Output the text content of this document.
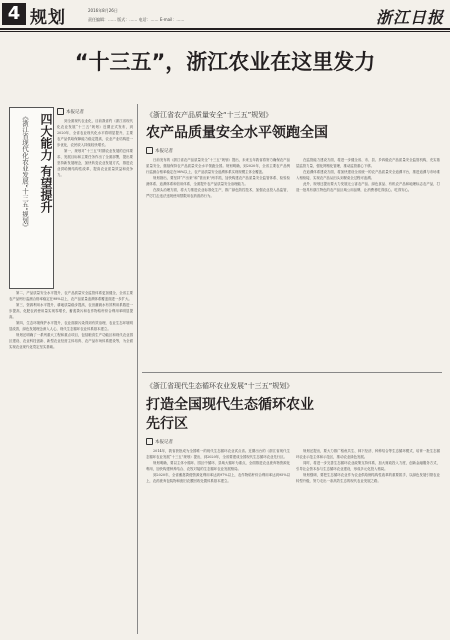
4 规划	2016年8月26日
责任编辑：…… 版式：…… 电话：…… E-mail：……	浙江日报
“十三五”，浙江农业在这里发力
《浙江省现代化农业发展“十三五”规划》 四大能力 有望提升
本报记者

到全面现代农业化，目前我省约《浙江省现代化农业发展“十三五”规划》近期正式发布，到2020年，全省农业现代化水平将明显提升，主要农产品供给保障能力稳定提高，农业产业结构进一步优化，农民收入持续较快增长。

第一，规划对“十三五”时期农业发展的总体要求、发展目标和主要任务作出了全面部署，提出要坚持新发展理念，加快转变农业发展方式，推进农业供给侧结构性改革，提高农业质量效益和竞争力。

第二，产品质量安全水平提升，农产品质量安全监管体系更加健全，全省主要农产品例行监测合格率稳定在98%以上，农产品质量追溯体系覆盖面进一步扩大。

第三，资源利用水平提升，耕地质量稳步提高，农田灌溉水有效利用系数进一步提高，化肥农药使用量实现零增长，畜禽粪污和农作物秸秆综合利用率明显提高。

第四，生态环境保护水平提升，农业面源污染得到有效治理，农业生态环境明显改善，绿色发展理念深入人心，现代生态循环农业体系基本建立。

规划还明确了一系列重大工程和重点项目，包括粮食生产功能区和现代农业园区建设、农业科技创新、新型农业经营主体培育、农产品市场体系建设等，为全面实现农业现代化奠定坚实基础。

《浙江省农产品质量安全“十三五”规划》
农产品质量安全水平领跑全国
本报记者

日前发布的《浙江省农产品质量安全“十三五”规划》提出，未来五年我省将努力确保农产品质量安全，继续保持农产品质量安全水平领跑全国。规划明确，到2020年，全省主要农产品例行监测合格率稳定在98%以上，农产品质量安全追溯体系实现规模主体全覆盖。

规划指出，要坚持“产出来”和“管出来”两手抓，加快构建农产品质量安全监管体系、检验检测体系、追溯体系和信用体系，全面提升农产品质量安全治理能力。

在源头治理方面，将大力推进农业标准化生产，推广绿色防控技术，加强农业投入品监管，严厉打击违法违规使用禁限用农药兽药行为。

在监管能力建设方面，将进一步健全省、市、县、乡四级农产品质量安全监管机构，充实基层监管力量，强化网格化管理，推动监管重心下移。

在追溯体系建设方面，将加快建设全省统一的农产品质量安全追溯平台，推进追溯与市场准入相衔接，实现农产品从田头到餐桌全过程可追溯。

此外，规划还提出要大力发展无公害农产品、绿色食品、有机农产品和地理标志农产品，打造一批具有浙江特色的农产品区域公用品牌，让消费者吃得放心、吃得安心。

《浙江省现代生态循环农业发展“十三五”规划》
打造全国现代生态循环农业
先行区
本报记者

2014年，我省获批成为全国唯一的现代生态循环农业试点省。近期出台的《浙江省现代生态循环农业发展“十三五”规划》提出，到2020年，全省要建成全国现代生态循环农业先行区。

规划明确，要以主体小循环、园区中循环、县域大循环为重点，全面推进农业废弃物资源化利用，加快构建种养结合、农牧对接的生态循环农业发展格局。

到2020年，全省畜禽粪便资源化利用率达到97%以上，农作物秸秆综合利用率达到95%以上，农药废弃包装物和废旧农膜回收处置体系基本建立。

规划还提出，要大力推广稻鱼共生、林下经济、种养结合等生态循环模式，培育一批生态循环农业示范主体和示范区，推动农业绿色发展。

同时，将进一步完善生态循环农业政策支持体系，加大财政投入力度，创新金融服务方式，引导社会资本参与生态循环农业建设，形成多元化投入格局。

规划强调，要把生态循环农业作为农业供给侧结构性改革的重要抓手，以绿色发展引领农业转型升级，努力走出一条高效生态的现代农业发展之路。
